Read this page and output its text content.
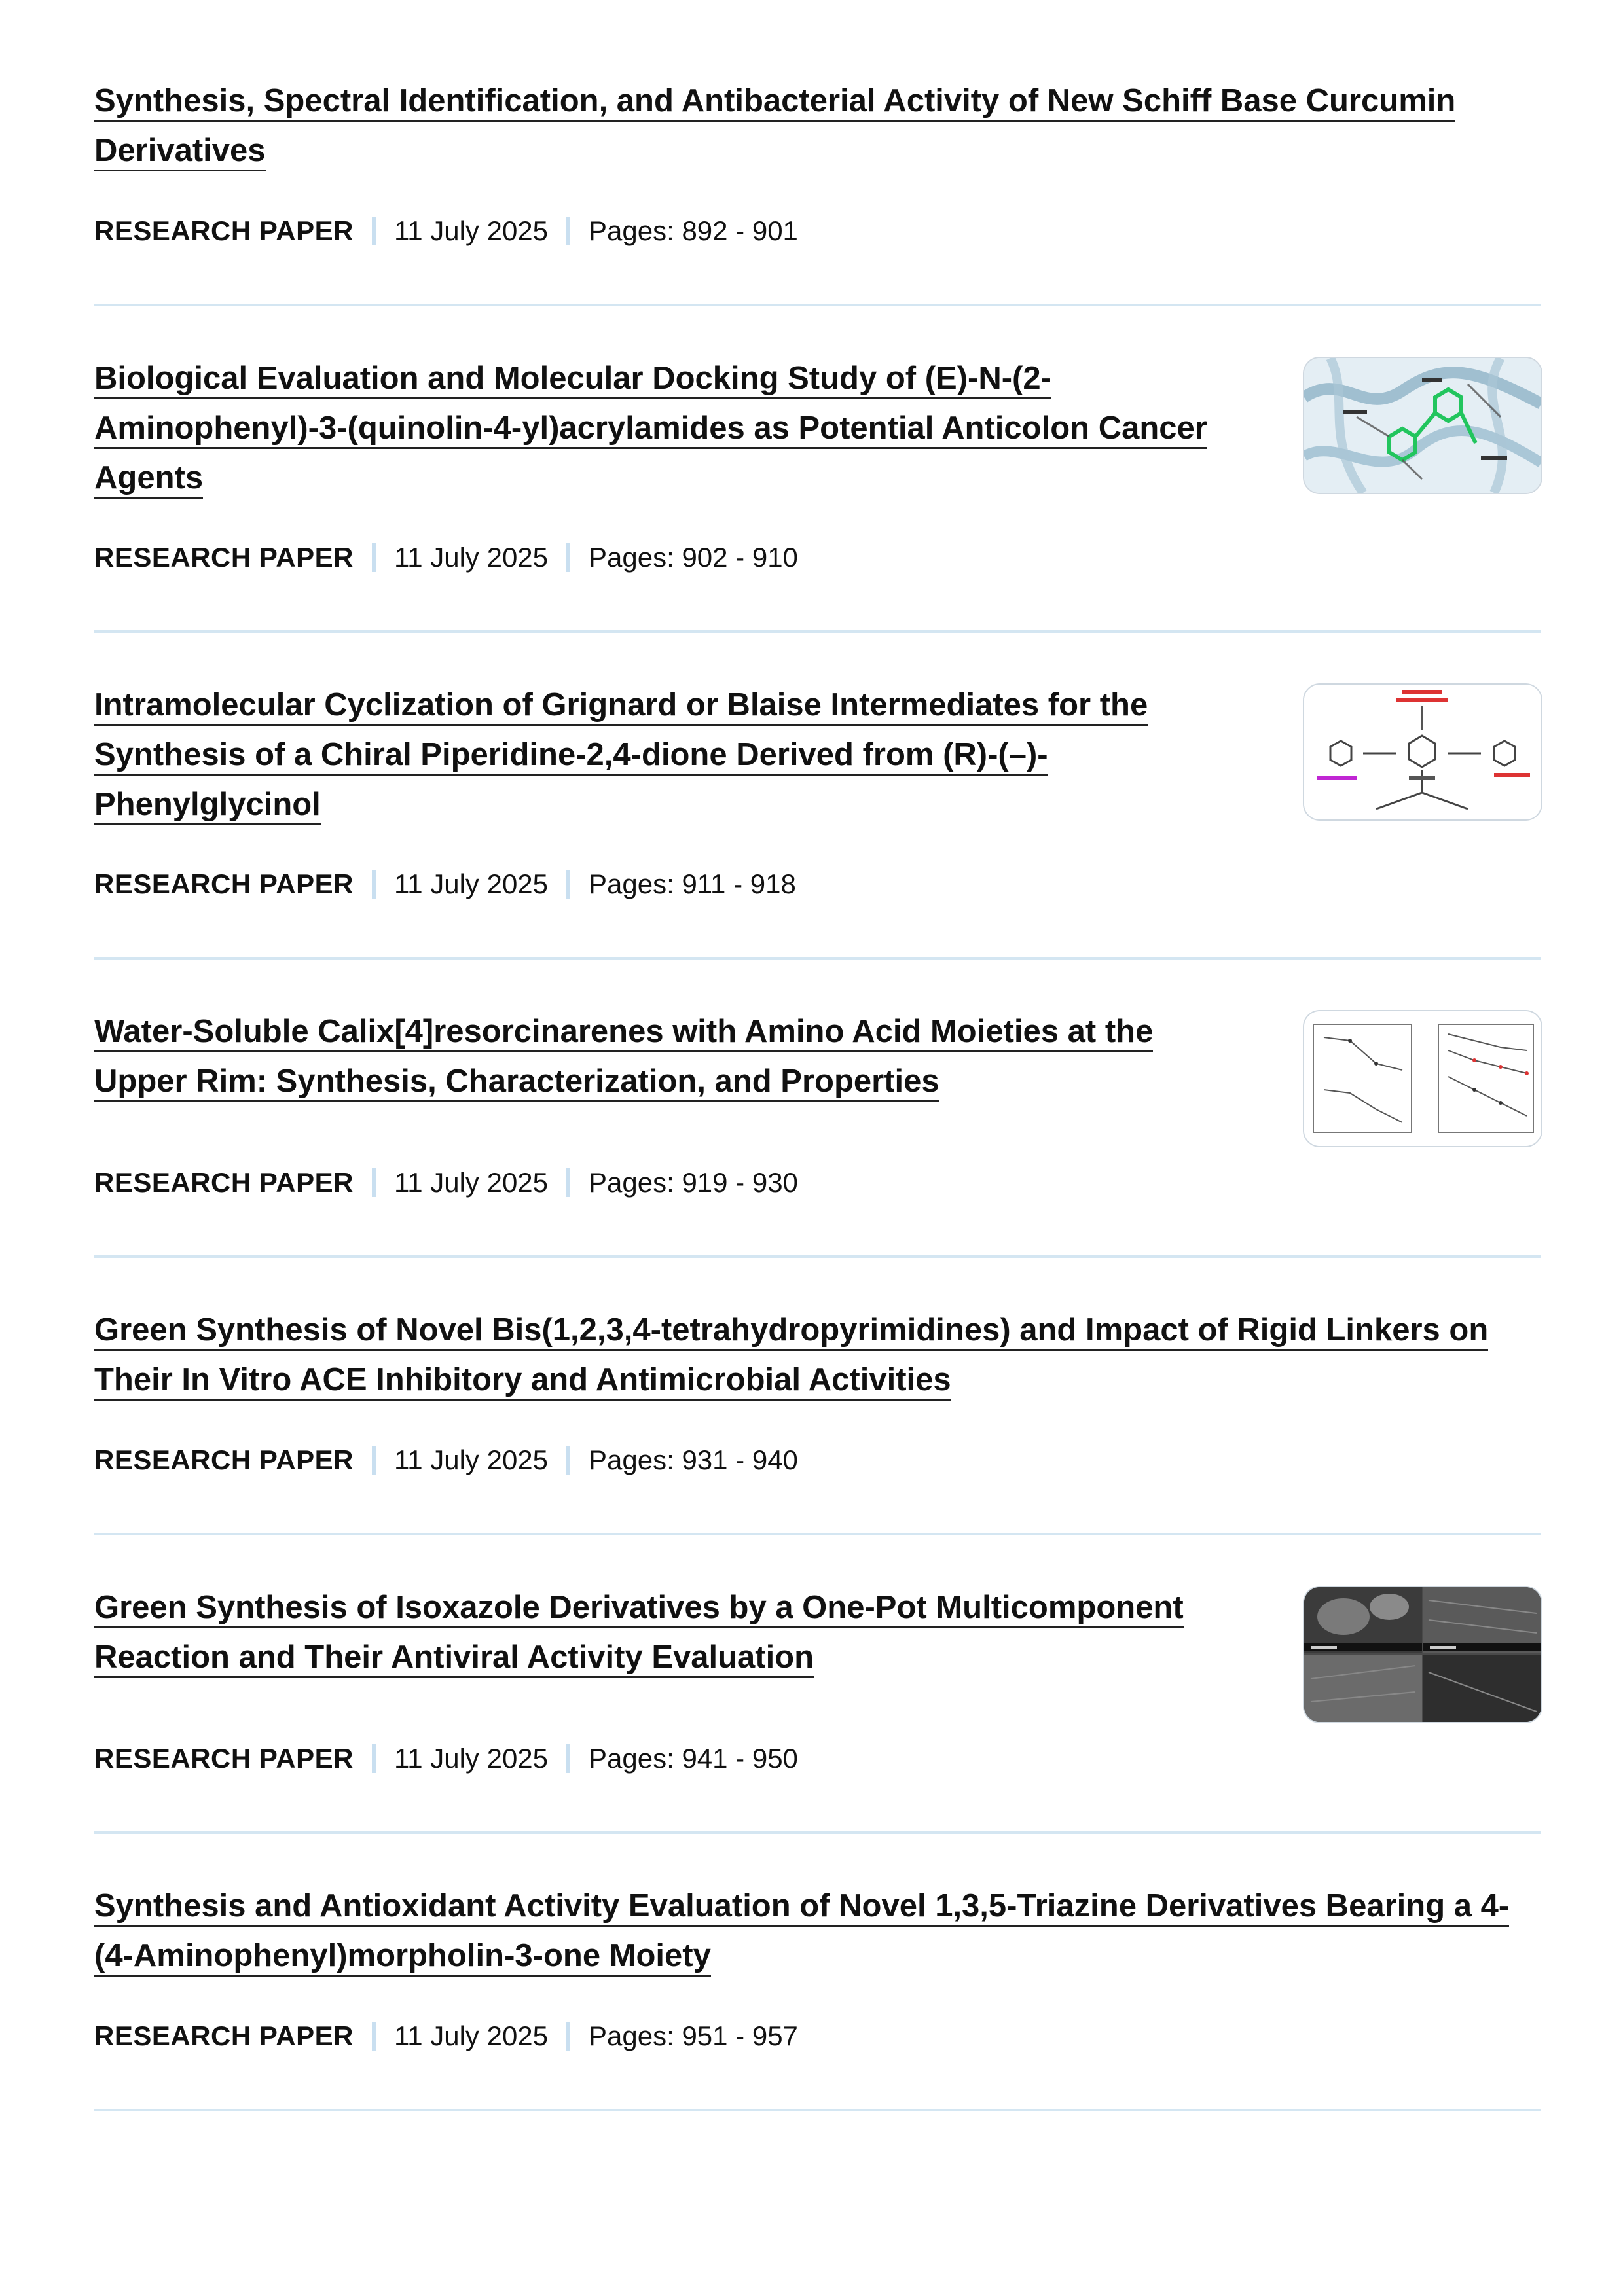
Synthesis, Spectral Identification, and Antibacterial Activity of New Schiff Base Curcumin Derivatives
RESEARCH PAPER 11 July 2025 Pages: 892 - 901
Biological Evaluation and Molecular Docking Study of (E)-N-(2-Aminophenyl)-3-(quinolin-4-yl)acrylamides as Potential Anticolon Cancer Agents
RESEARCH PAPER 11 July 2025 Pages: 902 - 910
Intramolecular Cyclization of Grignard or Blaise Intermediates for the Synthesis of a Chiral Piperidine-2,4-dione Derived from (R)-(–)-Phenylglycinol
RESEARCH PAPER 11 July 2025 Pages: 911 - 918
Water-Soluble Calix[4]resorcinarenes with Amino Acid Moieties at the Upper Rim: Synthesis, Characterization, and Properties
RESEARCH PAPER 11 July 2025 Pages: 919 - 930
Green Synthesis of Novel Bis(1,2,3,4-tetrahydropyrimidines) and Impact of Rigid Linkers on Their In Vitro ACE Inhibitory and Antimicrobial Activities
RESEARCH PAPER 11 July 2025 Pages: 931 - 940
Green Synthesis of Isoxazole Derivatives by a One-Pot Multicomponent Reaction and Their Antiviral Activity Evaluation
RESEARCH PAPER 11 July 2025 Pages: 941 - 950
Synthesis and Antioxidant Activity Evaluation of Novel 1,3,5-Triazine Derivatives Bearing a 4-(4-Aminophenyl)morpholin-3-one Moiety
RESEARCH PAPER 11 July 2025 Pages: 951 - 957
